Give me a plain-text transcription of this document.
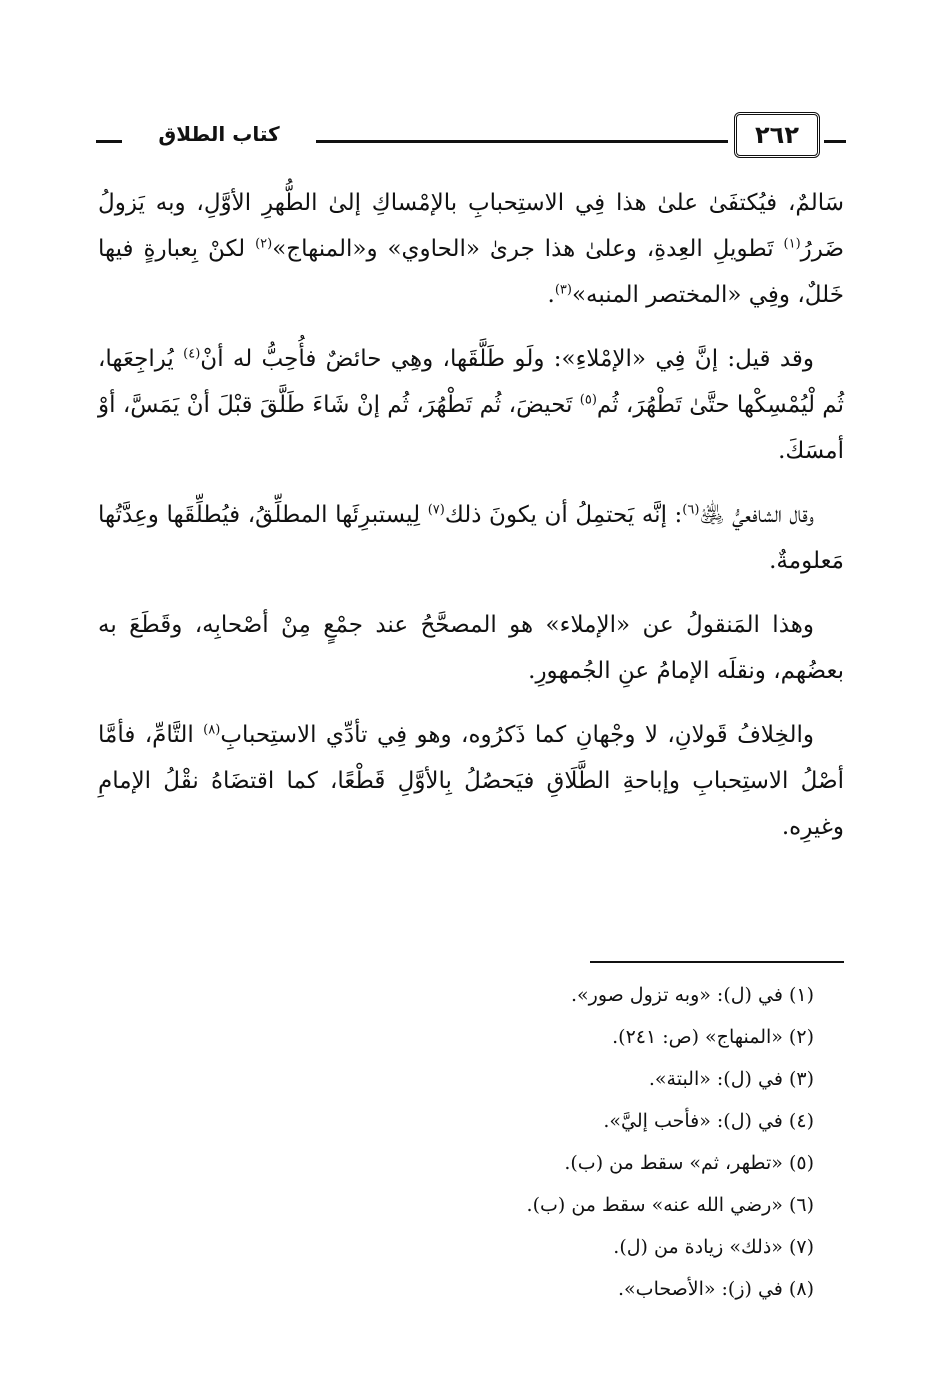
كتاب الطلاق	٢٦٢

سَالمٌ، فيُكتفَىٰ علىٰ هذا فِي الاستِحبابِ بالإمْساكِ إلىٰ الطُّهرِ الأوَّلِ، وبه يَزولُ ضَررُ$^{(١)}$ تَطويلِ العِدةِ، وعلىٰ هذا جرىٰ «الحاوي» و«المنهاج»$^{(٢)}$ لكنْ بِعبارةٍ فيها خَللٌ، وفِي «المختصر المنبه»$^{(٣)}$.

وقد قيل: إنَّ فِي «الإمْلاءِ»: ولَو طَلَّقَها، وهِي حائضٌ فأُحِبُّ له أنْ$^{(٤)}$ يُراجِعَها، ثُم لْيُمْسِكْها حتَّىٰ تَطْهُرَ، ثُم$^{(٥)}$ تَحيضَ، ثُم تَطْهُرَ، ثُم إنْ شَاءَ طَلَّقَ قبْلَ أنْ يَمَسَّ، أوْ أمسَكَ.

وقال الشافعيُّ ﵁$^{(٦)}$: إنَّه يَحتمِلُ أن يكونَ ذلك$^{(٧)}$ لِيستبرِئَها المطلِّقُ، فيُطلِّقَها وعِدَّتُها مَعلومةٌ.

وهذا المَنقولُ عن «الإملاء» هو المصحَّحُ عند جمْعٍ مِنْ أصْحابِه، وقَطَعَ به بعضُهم، ونقلَه الإمامُ عنِ الجُمهورِ.

والخِلافُ قَولانِ، لا وجْهانِ كما ذَكرُوه، وهو فِي تأدِّي الاستِحبابِ$^{(٨)}$ التَّامِّ، فأمَّا أصْلُ الاستِحبابِ وإباحةِ الطَّلَاقِ فيَحصُلُ بِالأوَّلِ قَطْعًا، كما اقتضَاهُ نقْلُ الإمامِ وغيرِه.

(١) في (ل): «وبه تزول صور».
(٢) «المنهاج» (ص: ٢٤١).
(٣) في (ل): «البتة».
(٤) في (ل): «فأحب إليَّ».
(٥) «تطهر، ثم» سقط من (ب).
(٦) «رضي الله عنه» سقط من (ب).
(٧) «ذلك» زيادة من (ل).
(٨) في (ز): «الأصحاب».
